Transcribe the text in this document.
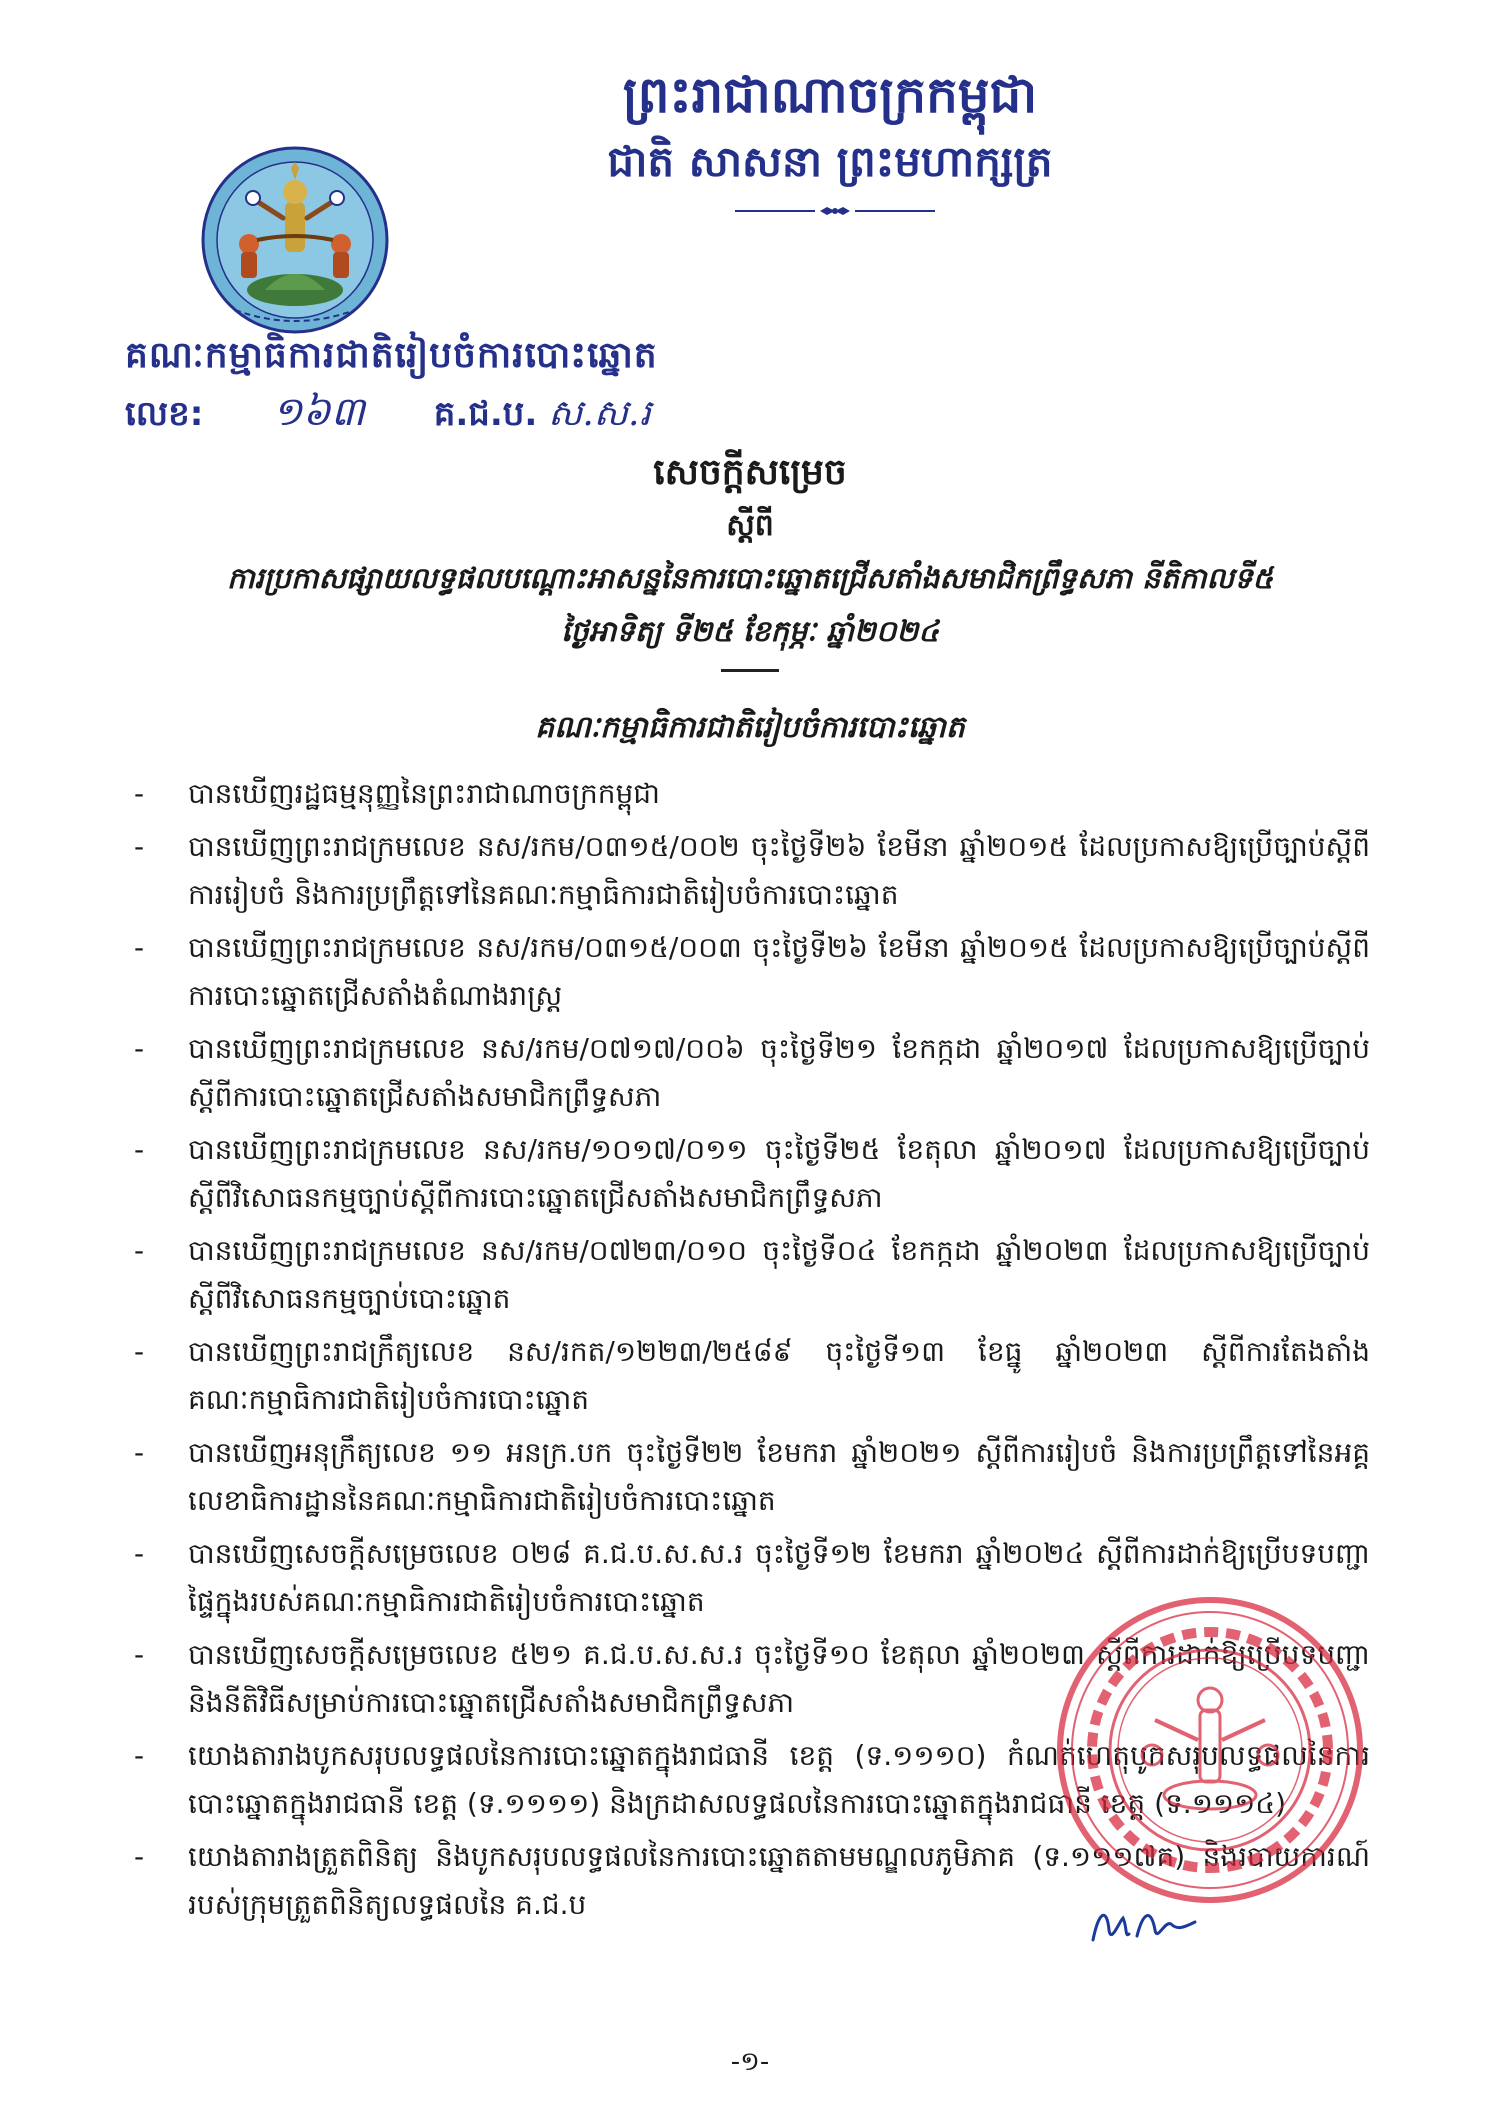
ព្រះរាជាណាចក្រកម្ពុជា
ជាតិ សាសនា ព្រះមហាក្សត្រ
គណៈកម្មាធិការជាតិរៀបចំការបោះឆ្នោត
លេខ: ១៦៣ គ.ជ.ប. ស.ស.រ
សេចក្តីសម្រេច
ស្តីពី
ការប្រកាសផ្សាយលទ្ធផលបណ្តោះអាសន្ននៃការបោះឆ្នោតជ្រើសតាំងសមាជិកព្រឹទ្ធសភា នីតិកាលទី៥
ថ្ងៃអាទិត្យ ទី២៥ ខែកុម្ភៈ ឆ្នាំ២០២៤
គណៈកម្មាធិការជាតិរៀបចំការបោះឆ្នោត
- បានឃើញរដ្ឋធម្មនុញ្ញនៃព្រះរាជាណាចក្រកម្ពុជា
- បានឃើញព្រះរាជក្រមលេខ នស/រកម/០៣១៥/០០២ ចុះថ្ងៃទី២៦ ខែមីនា ឆ្នាំ២០១៥ ដែលប្រកាសឱ្យប្រើច្បាប់ស្តីពីការរៀបចំ និងការប្រព្រឹត្តទៅនៃគណៈកម្មាធិការជាតិរៀបចំការបោះឆ្នោត
- បានឃើញព្រះរាជក្រមលេខ នស/រកម/០៣១៥/០០៣ ចុះថ្ងៃទី២៦ ខែមីនា ឆ្នាំ២០១៥ ដែលប្រកាសឱ្យប្រើច្បាប់ស្តីពីការបោះឆ្នោតជ្រើសតាំងតំណាងរាស្ត្រ
- បានឃើញព្រះរាជក្រមលេខ នស/រកម/០៧១៧/០០៦ ចុះថ្ងៃទី២១ ខែកក្កដា ឆ្នាំ២០១៧ ដែលប្រកាសឱ្យប្រើច្បាប់ស្តីពីការបោះឆ្នោតជ្រើសតាំងសមាជិកព្រឹទ្ធសភា
- បានឃើញព្រះរាជក្រមលេខ នស/រកម/១០១៧/០១១ ចុះថ្ងៃទី២៥ ខែតុលា ឆ្នាំ២០១៧ ដែលប្រកាសឱ្យប្រើច្បាប់ស្តីពីវិសោធនកម្មច្បាប់ស្តីពីការបោះឆ្នោតជ្រើសតាំងសមាជិកព្រឹទ្ធសភា
- បានឃើញព្រះរាជក្រមលេខ នស/រកម/០៧២៣/០១០ ចុះថ្ងៃទី០៤ ខែកក្កដា ឆ្នាំ២០២៣ ដែលប្រកាសឱ្យប្រើច្បាប់ស្តីពីវិសោធនកម្មច្បាប់បោះឆ្នោត
- បានឃើញព្រះរាជក្រឹត្យលេខ នស/រកត/១២២៣/២៥៨៩ ចុះថ្ងៃទី១៣ ខែធ្នូ ឆ្នាំ២០២៣ ស្តីពីការតែងតាំងគណៈកម្មាធិការជាតិរៀបចំការបោះឆ្នោត
- បានឃើញអនុក្រឹត្យលេខ ១១ អនក្រ.បក ចុះថ្ងៃទី២២ ខែមករា ឆ្នាំ២០២១ ស្តីពីការរៀបចំ និងការប្រព្រឹត្តទៅនៃអគ្គលេខាធិការដ្ឋាននៃគណៈកម្មាធិការជាតិរៀបចំការបោះឆ្នោត
- បានឃើញសេចក្តីសម្រេចលេខ ០២៨ គ.ជ.ប.ស.ស.រ ចុះថ្ងៃទី១២ ខែមករា ឆ្នាំ២០២៤ ស្តីពីការដាក់ឱ្យប្រើបទបញ្ជាផ្ទៃក្នុងរបស់គណៈកម្មាធិការជាតិរៀបចំការបោះឆ្នោត
- បានឃើញសេចក្តីសម្រេចលេខ ៥២១ គ.ជ.ប.ស.ស.រ ចុះថ្ងៃទី១០ ខែតុលា ឆ្នាំ២០២៣ ស្តីពីការដាក់ឱ្យប្រើបទបញ្ជា និងនីតិវិធីសម្រាប់ការបោះឆ្នោតជ្រើសតាំងសមាជិកព្រឹទ្ធសភា
- យោងតារាងបូកសរុបលទ្ធផលនៃការបោះឆ្នោតក្នុងរាជធានី ខេត្ត (ទ.១១១០) កំណត់ហេតុបូកសរុបលទ្ធផលនៃការបោះឆ្នោតក្នុងរាជធានី ខេត្ត (ទ.១១១១) និងក្រដាសលទ្ធផលនៃការបោះឆ្នោតក្នុងរាជធានី ខេត្ត (ទ.១១១៤)
- យោងតារាងត្រួតពិនិត្យ និងបូកសរុបលទ្ធផលនៃការបោះឆ្នោតតាមមណ្ឌលភូមិភាគ (ទ.១១១៧គ) និងរបាយការណ៍របស់ក្រុមត្រួតពិនិត្យលទ្ធផលនៃ គ.ជ.ប
-១-
